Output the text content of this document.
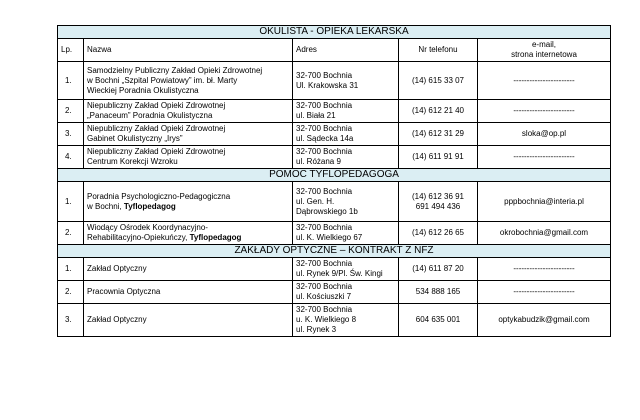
OKULISTA - OPIEKA LEKARSKA				
Lp.	Nazwa	Adres	Nr telefonu	e-mail,
strona internetowa
1.	Samodzielny Publiczny Zakład Opieki Zdrowotnej
w Bochni „Szpital Powiatowy” im. bł. Marty
Wieckiej Poradnia Okulistyczna	32-700 Bochnia
Ul. Krakowska 31	(14) 615 33 07	-----------------------
2.	Niepubliczny Zakład Opieki Zdrowotnej
„Panaceum” Poradnia Okulistyczna	32-700 Bochnia
ul. Biała 21	(14) 612 21 40	-----------------------
3.	Niepubliczny Zakład Opieki Zdrowotnej
Gabinet Okulistyczny „Irys”	32-700 Bochnia
ul. Sądecka 14a	(14) 612 31 29	sloka@op.pl
4.	Niepubliczny Zakład Opieki Zdrowotnej
Centrum Korekcji Wzroku	32-700 Bochnia
ul. Różana 9	(14) 611 91 91	-----------------------
POMOC TYFLOPEDAGOGA				
1.	Poradnia Psychologiczno-Pedagogiczna
w Bochni, Tyflopedagog	32-700 Bochnia
ul. Gen. H.
Dąbrowskiego 1b	(14) 612 36 91
691 494 436	pppbochnia@interia.pl
2.	Wiodący Ośrodek Koordynacyjno-
Rehabilitacyjno-Opiekuńczy, Tyflopedagog	32-700 Bochnia
ul. K. Wielkiego 67	(14) 612 26 65	okrobochnia@gmail.com
ZAKŁADY OPTYCZNE – KONTRAKT Z NFZ				
1.	Zakład Optyczny	32-700 Bochnia
ul. Rynek 9/Pl. Św. Kingi	(14) 611 87 20	-----------------------
2.	Pracownia Optyczna	32-700 Bochnia
ul. Kościuszki 7	534 888 165	-----------------------
3.	Zakład Optyczny	32-700 Bochnia
u. K. Wielkiego 8
ul. Rynek 3	604 635 001	optykabudzik@gmail.com
